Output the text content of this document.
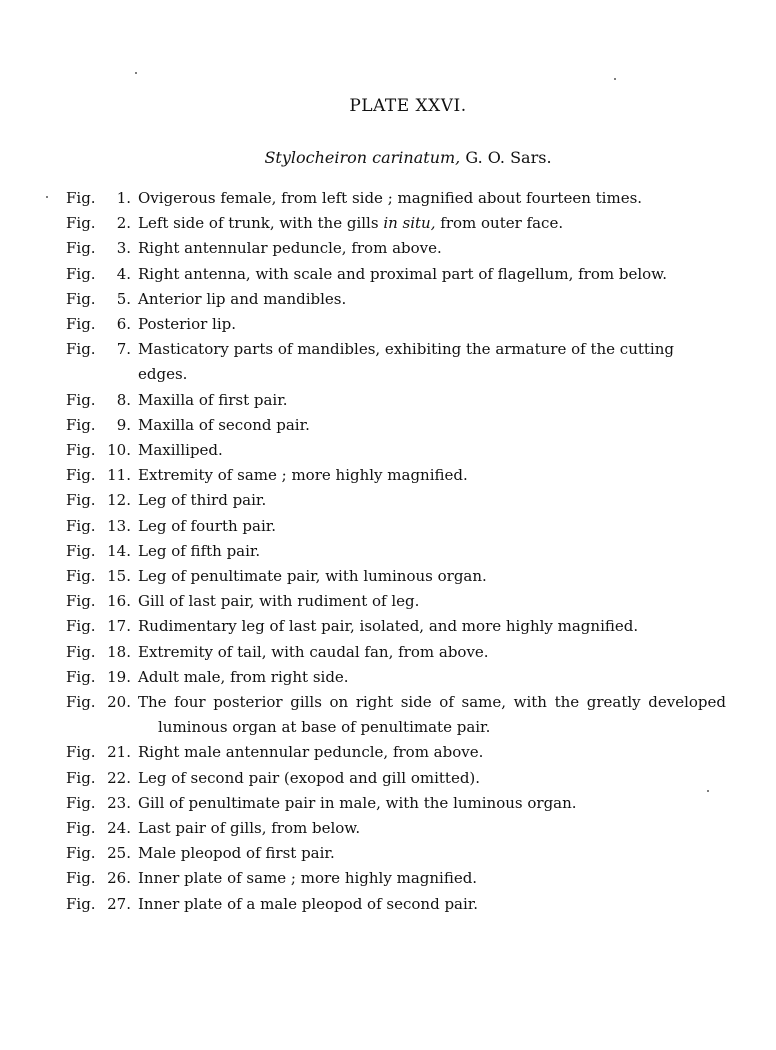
PLATE XXVI.
Stylocheiron carinatum, G. O. Sars.
Fig.	1. Ovigerous female, from left side ; magnified about fourteen times.
Fig.	2. Left side of trunk, with the gills in situ, from outer face.
Fig.	3. Right antennular peduncle, from above.
Fig.	4. Right antenna, with scale and proximal part of flagellum, from below.
Fig.	5. Anterior lip and mandibles.
Fig.	6. Posterior lip.
Fig.	7. Masticatory parts of mandibles, exhibiting the armature of the cutting edges.
Fig.	8. Maxilla of first pair.
Fig.	9. Maxilla of second pair.
Fig. 10. Maxilliped.
Fig. 11. Extremity of same ; more highly magnified.
Fig. 12. Leg of third pair.
Fig. 13. Leg of fourth pair.
Fig. 14. Leg of fifth pair.
Fig. 15. Leg of penultimate pair, with luminous organ.
Fig. 16. Gill of last pair, with rudiment of leg.
Fig. 17. Rudimentary leg of last pair, isolated, and more highly magnified.
Fig. 18. Extremity of tail, with caudal fan, from above.
Fig. 19. Adult male, from right side.
Fig. 20. The four posterior gills on right side of same, with the greatly developed
luminous organ at base of penultimate pair.
Fig. 21. Right male antennular peduncle, from above.
Fig. 22. Leg of second pair (exopod and gill omitted).
Fig. 23. Gill of penultimate pair in male, with the luminous organ.
Fig. 24. Last pair of gills, from below.
Fig. 25. Male pleopod of first pair.
Fig. 26. Inner plate of same ; more highly magnified.
Fig. 27. Inner plate of a male pleopod of second pair.
